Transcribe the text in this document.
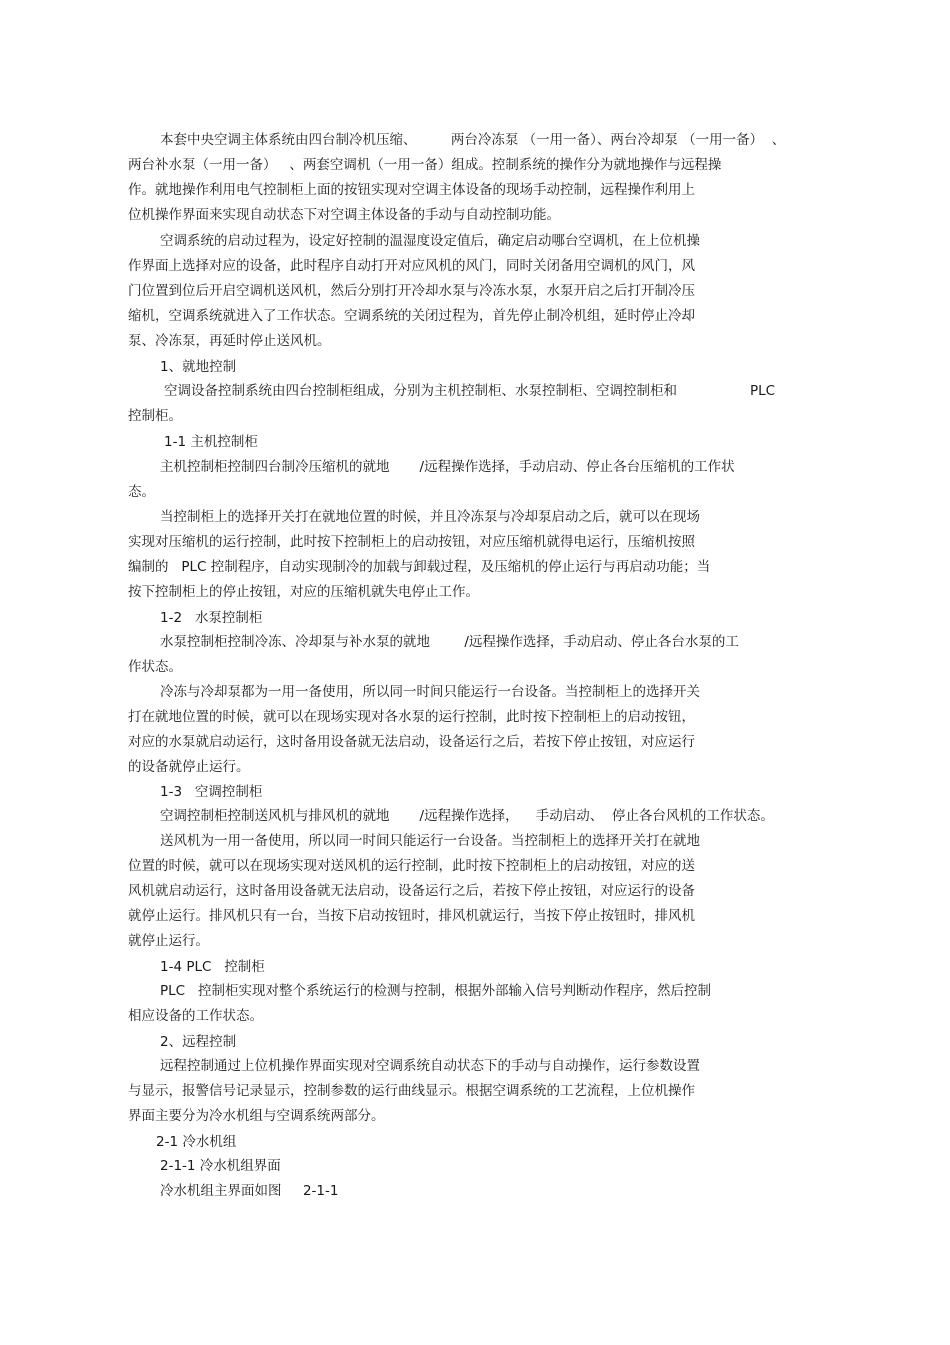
本套中央空调主体系统由四台制冷机压缩、        两台冷冻泵 （一用一备）、两台冷却泵 （一用一备）  、

两台补水泵（一用一备）   、两套空调机（一用一备）组成。控制系统的操作分为就地操作与远程操

作。就地操作利用电气控制柜上面的按钮实现对空调主体设备的现场手动控制，远程操作利用上

位机操作界面来实现自动状态下对空调主体设备的手动与自动控制功能。

空调系统的启动过程为，设定好控制的温湿度设定值后，确定启动哪台空调机，在上位机操

作界面上选择对应的设备，此时程序自动打开对应风机的风门，同时关闭备用空调机的风门，风

门位置到位后开启空调机送风机，然后分别打开冷却水泵与冷冻水泵，水泵开启之后打开制冷压

缩机，空调系统就进入了工作状态。空调系统的关闭过程为，首先停止制冷机组，延时停止冷却

泵、冷冻泵，再延时停止送风机。

1、就地控制

空调设备控制系统由四台控制柜组成，分别为主机控制柜、水泵控制柜、空调控制柜和                 PLC

控制柜。

1-1 主机控制柜

主机控制柜控制四台制冷压缩机的就地       /远程操作选择，手动启动、停止各台压缩机的工作状

态。

当控制柜上的选择开关打在就地位置的时候，并且冷冻泵与冷却泵启动之后，就可以在现场

实现对压缩机的运行控制，此时按下控制柜上的启动按钮，对应压缩机就得电运行，压缩机按照

编制的   PLC 控制程序，自动实现制冷的加载与卸载过程，及压缩机的停止运行与再启动功能；当

按下控制柜上的停止按钮，对应的压缩机就失电停止工作。

1-2   水泵控制柜

水泵控制柜控制冷冻、冷却泵与补水泵的就地        /远程操作选择，手动启动、停止各台水泵的工

作状态。

冷冻与冷却泵都为一用一备使用，所以同一时间只能运行一台设备。当控制柜上的选择开关

打在就地位置的时候，就可以在现场实现对各水泵的运行控制，此时按下控制柜上的启动按钮，

对应的水泵就启动运行，这时备用设备就无法启动，设备运行之后，若按下停止按钮，对应运行

的设备就停止运行。

1-3   空调控制柜

空调控制柜控制送风机与排风机的就地       /远程操作选择，    手动启动、  停止各台风机的工作状态。

送风机为一用一备使用，所以同一时间只能运行一台设备。当控制柜上的选择开关打在就地

位置的时候，就可以在现场实现对送风机的运行控制，此时按下控制柜上的启动按钮，对应的送

风机就启动运行，这时备用设备就无法启动，设备运行之后，若按下停止按钮，对应运行的设备

就停止运行。排风机只有一台，当按下启动按钮时，排风机就运行，当按下停止按钮时，排风机

就停止运行。

1-4 PLC   控制柜

PLC   控制柜实现对整个系统运行的检测与控制，根据外部输入信号判断动作程序，然后控制

相应设备的工作状态。

2、远程控制

远程控制通过上位机操作界面实现对空调系统自动状态下的手动与自动操作，运行参数设置

与显示，报警信号记录显示，控制参数的运行曲线显示。根据空调系统的工艺流程，上位机操作

界面主要分为冷水机组与空调系统两部分。

2-1 冷水机组

2-1-1 冷水机组界面

冷水机组主界面如图     2-1-1
